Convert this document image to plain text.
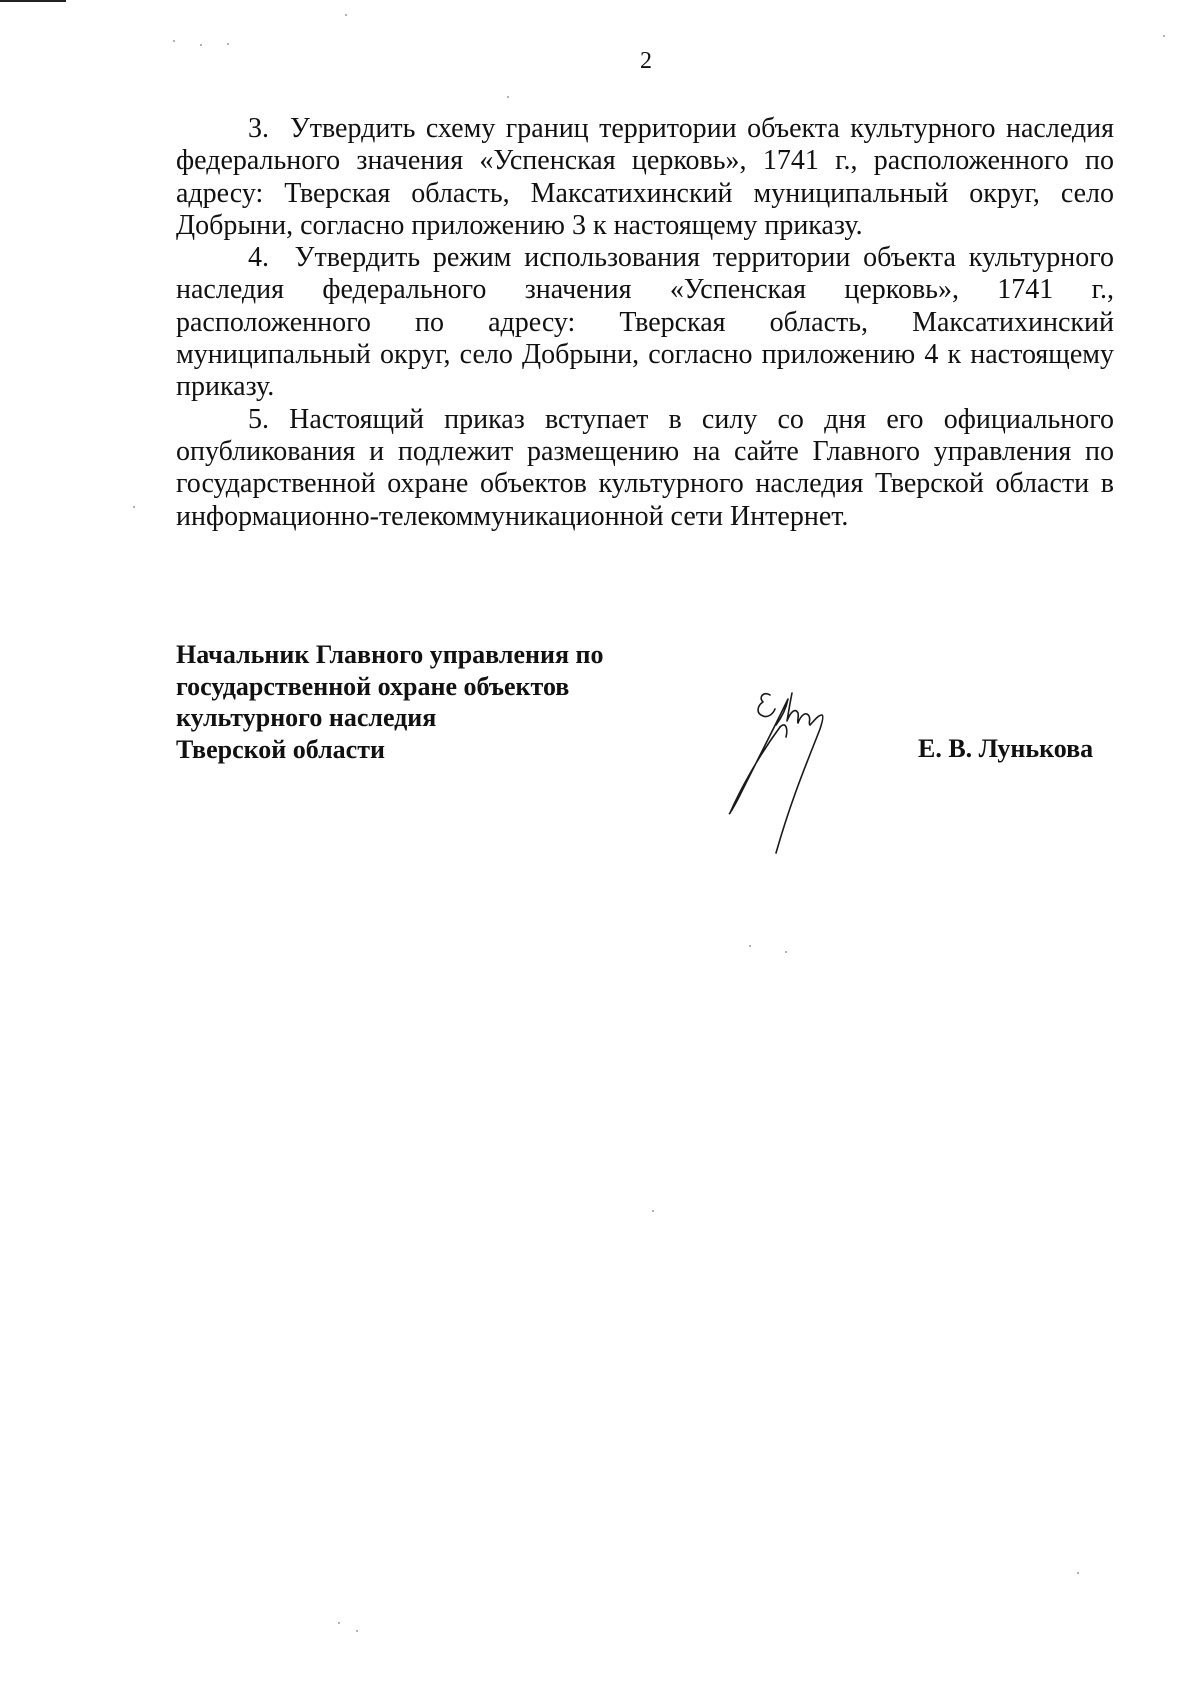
2

3. Утвердить схему границ территории объекта культурного наследия федерального значения «Успенская церковь», 1741 г., расположенного по адресу: Тверская область, Максатихинский муниципальный округ, село Добрыни, согласно приложению 3 к настоящему приказу.

4. Утвердить режим использования территории объекта культурного наследия федерального значения «Успенская церковь», 1741 г., расположенного по адресу: Тверская область, Максатихинский муниципальный округ, село Добрыни, согласно приложению 4 к настоящему приказу.

5. Настоящий приказ вступает в силу со дня его официального опубликования и подлежит размещению на сайте Главного управления по государственной охране объектов культурного наследия Тверской области в информационно-телекоммуникационной сети Интернет.

Начальник Главного управления по
государственной охране объектов
культурного наследия
Тверской области	Е. В. Лунькова
